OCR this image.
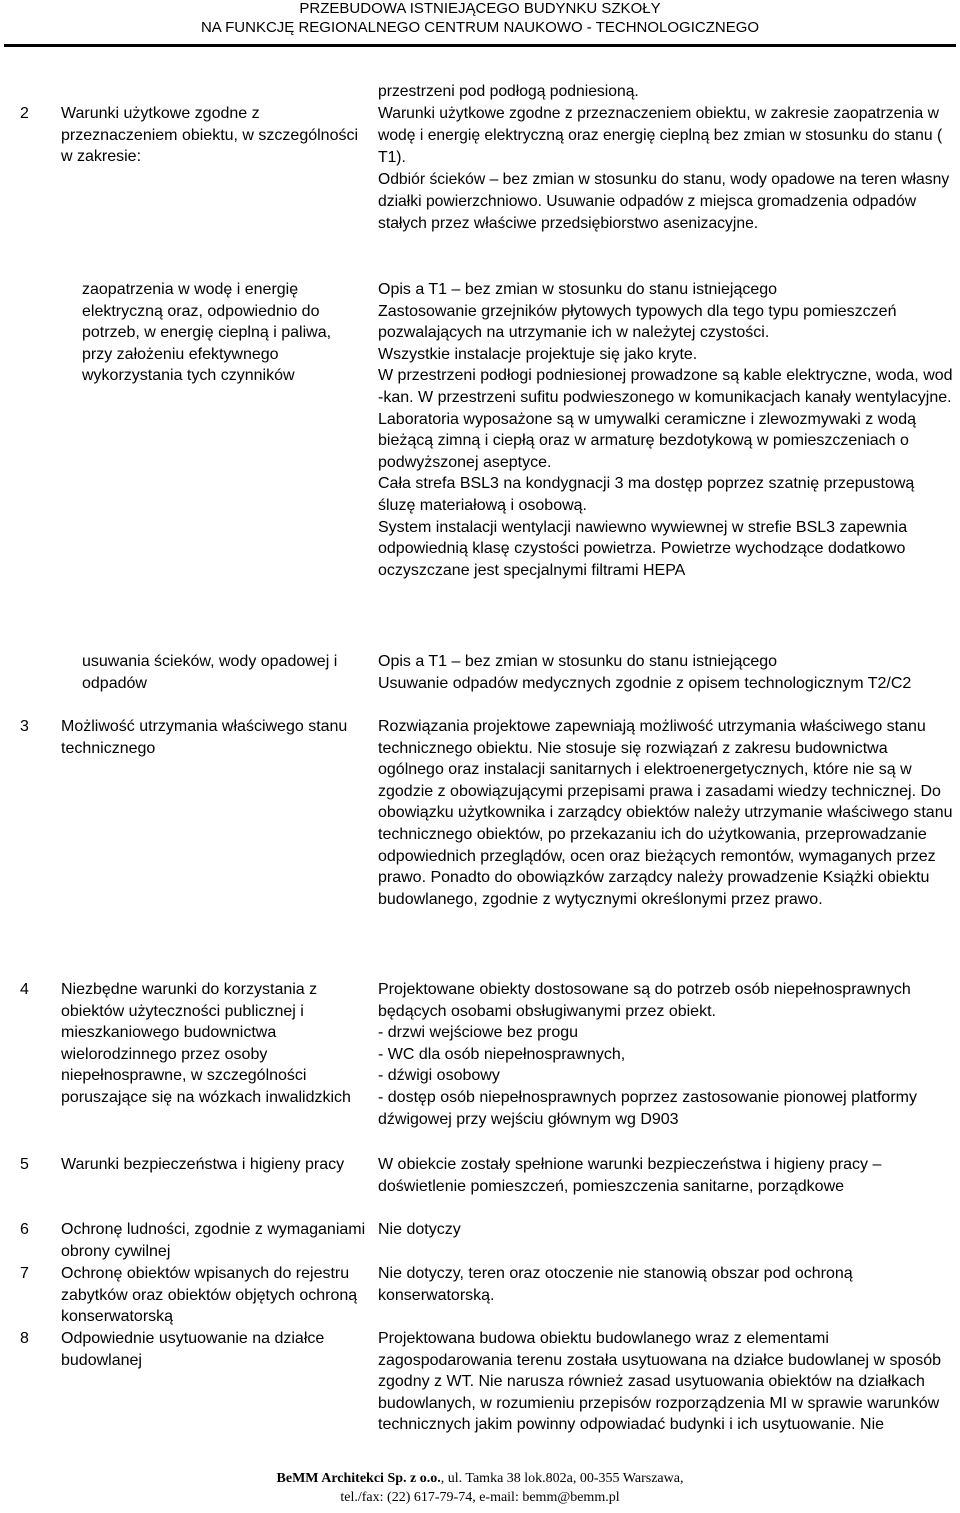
PRZEBUDOWA ISTNIEJĄCEGO BUDYNKU SZKOŁY
NA FUNKCJĘ REGIONALNEGO CENTRUM NAUKOWO - TECHNOLOGICZNEGO
2 Warunki użytkowe zgodne z przeznaczeniem obiektu, w szczególności w zakresie:
przestrzeni pod podłogą podniesioną.
Warunki użytkowe zgodne z przeznaczeniem obiektu, w zakresie zaopatrzenia w wodę i energię elektryczną oraz energię cieplną bez zmian w stosunku do stanu ( T1).
Odbiór ścieków – bez zmian w stosunku do stanu, wody opadowe na teren własny działki powierzchniowo. Usuwanie odpadów z miejsca gromadzenia odpadów stałych przez właściwe przedsiębiorstwo asenizacyjne.
zaopatrzenia w wodę i energię elektryczną oraz, odpowiednio do potrzeb, w energię cieplną i paliwa, przy założeniu efektywnego wykorzystania tych czynników
Opis a T1 – bez zmian w stosunku do stanu istniejącego
Zastosowanie grzejników płytowych typowych dla tego typu pomieszczeń pozwalających na utrzymanie ich w należytej czystości.
Wszystkie instalacje projektuje się jako kryte.
W przestrzeni podłogi podniesionej prowadzone są kable elektryczne, woda, wod -kan. W przestrzeni sufitu podwieszonego w komunikacjach kanały wentylacyjne.
Laboratoria wyposażone są w umywalki ceramiczne i zlewozmywaki z wodą bieżącą zimną i ciepłą oraz w armaturę bezdotykową w pomieszczeniach o podwyższonej aseptyce.
Cała strefa BSL3 na kondygnacji 3 ma dostęp poprzez szatnię przepustową śluzę materiałową i osobową.
System instalacji wentylacji nawiewno wywiewnej w strefie BSL3 zapewnia odpowiednią klasę czystości powietrza. Powietrze wychodzące dodatkowo oczyszczane jest specjalnymi filtrami HEPA
usuwania ścieków, wody opadowej i odpadów
Opis a T1 – bez zmian w stosunku do stanu istniejącego
Usuwanie odpadów medycznych zgodnie z opisem technologicznym T2/C2
3 Możliwość utrzymania właściwego stanu technicznego
Rozwiązania projektowe zapewniają możliwość utrzymania właściwego stanu technicznego obiektu. Nie stosuje się rozwiązań z zakresu budownictwa ogólnego oraz instalacji sanitarnych i elektroenergetycznych, które nie są w zgodzie z obowiązującymi przepisami prawa i zasadami wiedzy technicznej. Do obowiązku użytkownika i zarządcy obiektów należy utrzymanie właściwego stanu technicznego obiektów, po przekazaniu ich do użytkowania, przeprowadzanie odpowiednich przeglądów, ocen oraz bieżących remontów, wymaganych przez prawo. Ponadto do obowiązków zarządcy należy prowadzenie Książki obiektu budowlanego, zgodnie z wytycznymi określonymi przez prawo.
4 Niezbędne warunki do korzystania z obiektów użyteczności publicznej i mieszkaniowego budownictwa wielorodzinnego przez osoby niepełnosprawne, w szczególności poruszające się na wózkach inwalidzkich
Projektowane obiekty dostosowane są do potrzeb osób niepełnosprawnych będących osobami obsługiwanymi przez obiekt.
- drzwi wejściowe bez progu
- WC dla osób niepełnosprawnych,
- dźwigi osobowy
- dostęp osób niepełnosprawnych poprzez zastosowanie pionowej platformy dźwigowej przy wejściu głównym wg D903
5 Warunki bezpieczeństwa i higieny pracy	W obiekcie zostały spełnione warunki bezpieczeństwa i higieny pracy – doświetlenie pomieszczeń, pomieszczenia sanitarne, porządkowe
6 Ochronę ludności, zgodnie z wymaganiami obrony cywilnej
Nie dotyczy
7 Ochronę obiektów wpisanych do rejestru zabytków oraz obiektów objętych ochroną konserwatorską
Nie dotyczy, teren oraz otoczenie nie stanowią obszar pod ochroną konserwatorską.
8 Odpowiednie usytuowanie na działce budowlanej
Projektowana budowa obiektu budowlanego wraz z elementami zagospodarowania terenu została usytuowana na działce budowlanej w sposób zgodny z WT. Nie narusza również zasad usytuowania obiektów na działkach budowlanych, w rozumieniu przepisów rozporządzenia MI w sprawie warunków technicznych jakim powinny odpowiadać budynki i ich usytuowanie. Nie
BeMM Architekci Sp. z o.o., ul. Tamka 38 lok.802a, 00-355 Warszawa,
tel./fax: (22) 617-79-74, e-mail: bemm@bemm.pl
